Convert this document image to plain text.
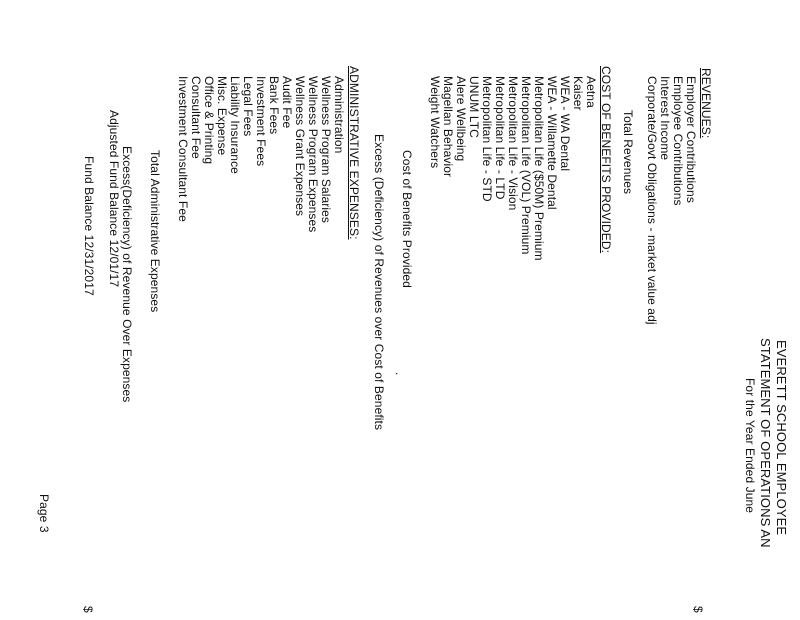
EVERETT SCHOOL EMPLOYEE
STATEMENT OF OPERATIONS AN
For the Year Ended June
$
REVENUES:
Employer Contributions
Employee Contributions
Interest Income
Corporate/Govt Obligations - market value adj
Total Revenues
COST OF BENEFITS PROVIDED:
Aetna
Kaiser
WEA - WA Dental
WEA - Willamette Dental
Metropolitan Life ($50M) Premium
Metropolitan Life (VOL) Premium
Metropolitan Life - Vision
Metropolitan Life - LTD
Metropolitan Life - STD
UNUM LTC
Alere Wellbeing
Magellan Behavior
Weight Watchers
Cost of Benefits Provided
.
Excess (Deficiency) of Revenues over Cost of Benefits
ADMINISTRATIVE EXPENSES:
Administration
Wellness Program Salaries
Wellness Program Expenses
Wellness Grant Expenses
Audit Fee
Bank Fees
Investment Fees
Legal Fees
Liability Insurance
Misc. Expense
Office & Printing
Consultant Fee
Investment Consultant Fee
Total Administrative Expenses
Excess(Deficiency) of Revenue Over Expenses
Adjusted Fund Balance 12/01/17
Fund Balance 12/31/2017
Page 3
$
